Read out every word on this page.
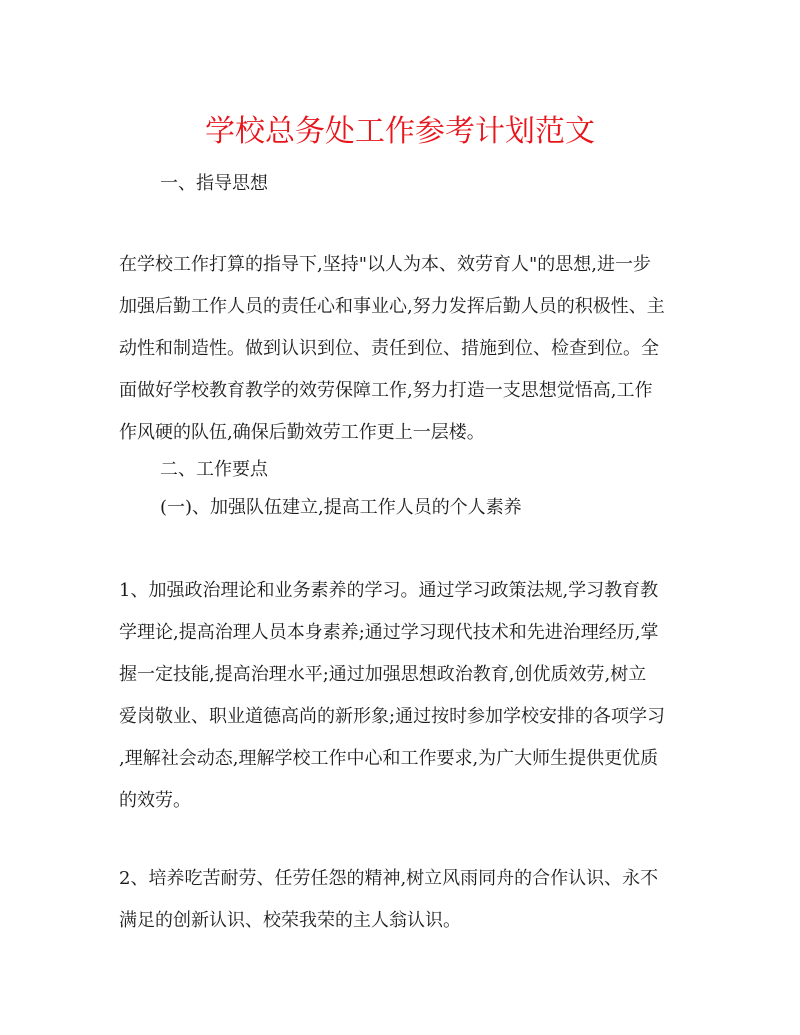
学校总务处工作参考计划范文

一、指导思想

在学校工作打算的指导下,坚持"以人为本、效劳育人"的思想,进一步
加强后勤工作人员的责任心和事业心,努力发挥后勤人员的积极性、主
动性和制造性。做到认识到位、责任到位、措施到位、检查到位。全
面做好学校教育教学的效劳保障工作,努力打造一支思想觉悟高,工作
作风硬的队伍,确保后勤效劳工作更上一层楼。

二、工作要点

(一)、加强队伍建立,提高工作人员的个人素养

1、加强政治理论和业务素养的学习。通过学习政策法规,学习教育教
学理论,提高治理人员本身素养;通过学习现代技术和先进治理经历,掌
握一定技能,提高治理水平;通过加强思想政治教育,创优质效劳,树立
爱岗敬业、职业道德高尚的新形象;通过按时参加学校安排的各项学习
,理解社会动态,理解学校工作中心和工作要求,为广大师生提供更优质
的效劳。
2、培养吃苦耐劳、任劳任怨的精神,树立风雨同舟的合作认识、永不
满足的创新认识、校荣我荣的主人翁认识。
